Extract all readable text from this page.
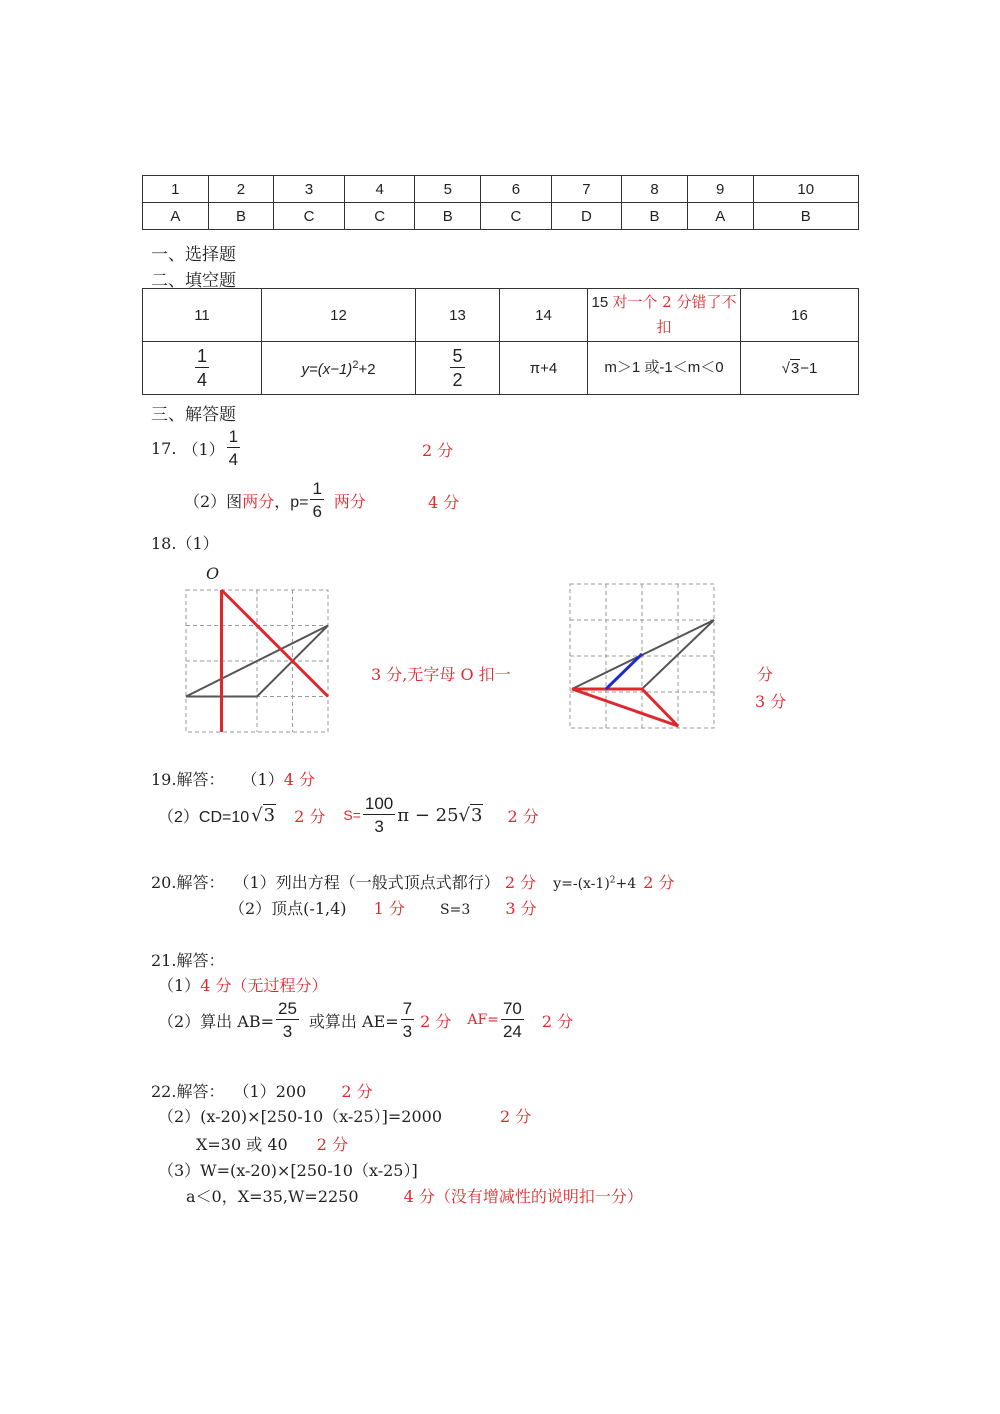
1	2	3	4	5	6	7	8	9	10
A	B	C	C	B	C	D	B	A	B
一、选择题
二、填空题
11	12	13	14	15 对一个 2 分错了不扣	16

$\frac{1}{4}$	$y=(x-1)^2+2$	$\frac{5}{2}$	π+4	m＞1 或-1＜m＜0	√3−1
三、解答题
17. $(1) \frac{1}{4}$	2 分
（2）图 两分 ，$p= \frac{1}{6}$ 两分	4 分
18.（1）
O
3 分,无字母 O 扣一	分
3 分
19.解答： （1）4 分
（2）CD=10 √ 3 2 分 $S= \frac{100}{3}$ π − 25 √ 3 2 分
20.解答： （1）列出方程（一般式顶点式都行） 2 分 $y=-(x-1)^2+4$ 2 分
（2）顶点(-1,4) 1 分	S=3 3 分
21.解答：
（1）4 分（无过程分）
（2）算出 $AB= \frac{25}{3}$ 或算出 $AE= \frac{7}{3} 2$ 分 $AF= \frac{70}{24} 2$ 分
22.解答： （1）200 2 分
（2）(x-20)×[250-10（x-25）]=2000	2 分
X=30 或 40 2 分
（3）W=(x-20)×[250-10（x-25）]
a＜0，X=35,W=2250	4 分（没有增减性的说明扣一分）
